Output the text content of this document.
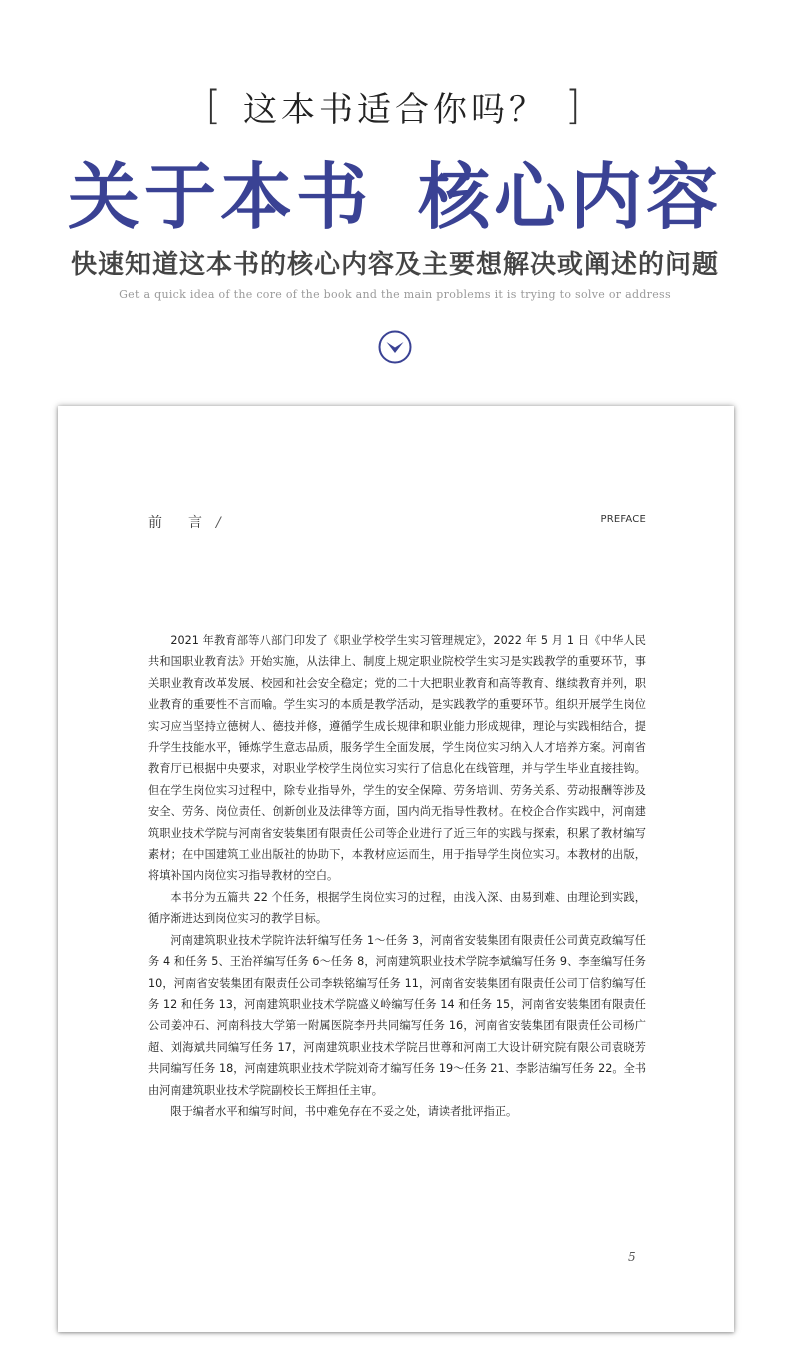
[ 这本书适合你吗？ ]
关于本书 核心内容
快速知道这本书的核心内容及主要想解决或阐述的问题
Get a quick idea of the core of the book and the main problems it is trying to solve or address
前 言 /	PREFACE

2021 年教育部等八部门印发了《职业学校学生实习管理规定》，2022 年 5 月 1 日《中华人民共和国职业教育法》开始实施，从法律上、制度上规定职业院校学生实习是实践教学的重要环节，事关职业教育改革发展、校园和社会安全稳定；党的二十大把职业教育和高等教育、继续教育并列，职业教育的重要性不言而喻。学生实习的本质是教学活动，是实践教学的重要环节。组织开展学生岗位实习应当坚持立德树人、德技并修，遵循学生成长规律和职业能力形成规律，理论与实践相结合，提升学生技能水平，锤炼学生意志品质，服务学生全面发展，学生岗位实习纳入人才培养方案。河南省教育厅已根据中央要求，对职业学校学生岗位实习实行了信息化在线管理，并与学生毕业直接挂钩。但在学生岗位实习过程中，除专业指导外，学生的安全保障、劳务培训、劳务关系、劳动报酬等涉及安全、劳务、岗位责任、创新创业及法律等方面，国内尚无指导性教材。在校企合作实践中，河南建筑职业技术学院与河南省安装集团有限责任公司等企业进行了近三年的实践与探索，积累了教材编写素材；在中国建筑工业出版社的协助下，本教材应运而生，用于指导学生岗位实习。本教材的出版，将填补国内岗位实习指导教材的空白。

本书分为五篇共 22 个任务，根据学生岗位实习的过程，由浅入深、由易到难、由理论到实践，循序渐进达到岗位实习的教学目标。

河南建筑职业技术学院许法轩编写任务 1～任务 3，河南省安装集团有限责任公司黄克政编写任务 4 和任务 5、王治祥编写任务 6～任务 8，河南建筑职业技术学院李斌编写任务 9、李奎编写任务 10，河南省安装集团有限责任公司李轶铭编写任务 11，河南省安装集团有限责任公司丁信豹编写任务 12 和任务 13，河南建筑职业技术学院盛义岭编写任务 14 和任务 15，河南省安装集团有限责任公司姜冲石、河南科技大学第一附属医院李丹共同编写任务 16，河南省安装集团有限责任公司杨广超、刘海斌共同编写任务 17，河南建筑职业技术学院吕世尊和河南工大设计研究院有限公司袁晓芳共同编写任务 18，河南建筑职业技术学院刘奇才编写任务 19～任务 21、李影洁编写任务 22。全书由河南建筑职业技术学院副校长王辉担任主审。

限于编者水平和编写时间，书中难免存在不妥之处，请读者批评指正。

5
